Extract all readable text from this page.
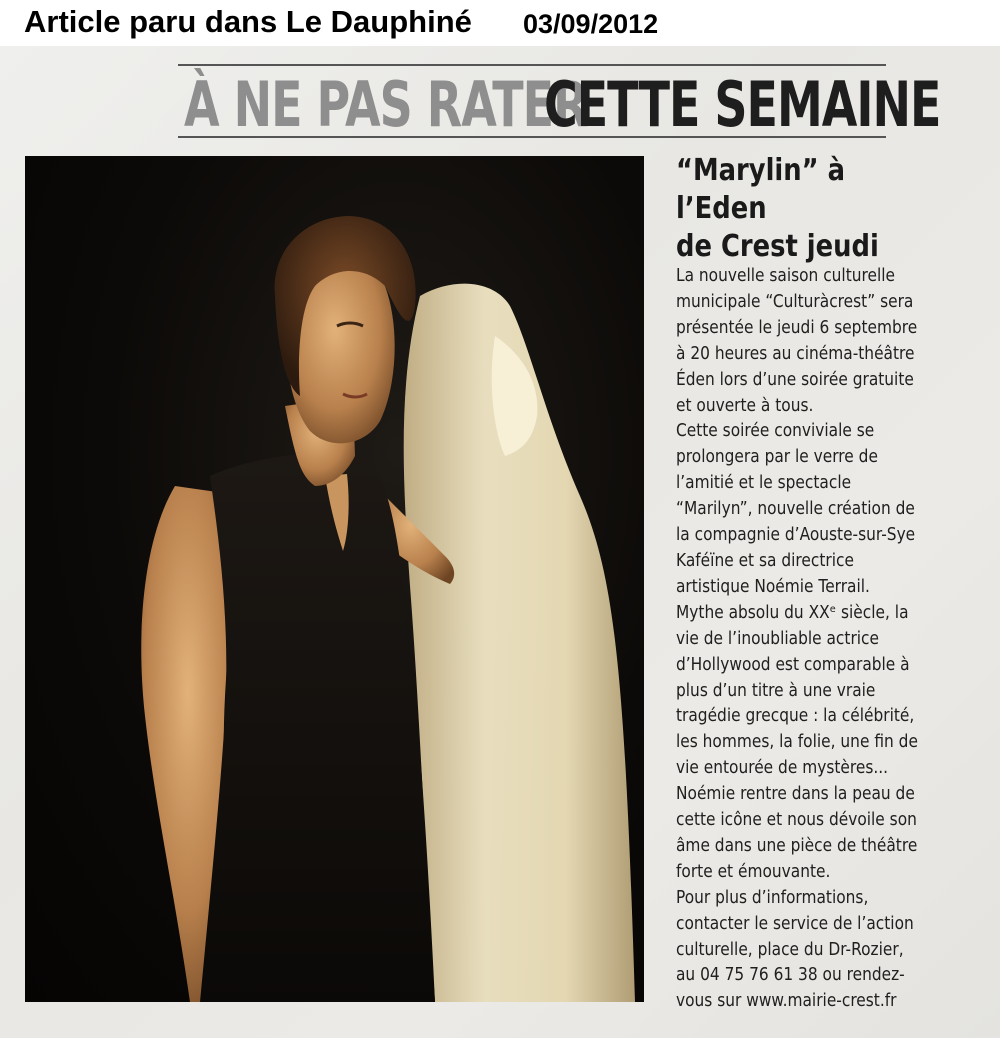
Article paru dans Le Dauphiné 03/09/2012
À NE PAS RATER
CETTE SEMAINE
“Marylin” à l’Eden
de Crest jeudi
La nouvelle saison culturelle
municipale “Culturàcrest” sera
présentée le jeudi 6 septembre
à 20 heures au cinéma-théâtre
Éden lors d’une soirée gratuite
et ouverte à tous.
Cette soirée conviviale se
prolongera par le verre de
l’amitié et le spectacle
“Marilyn”, nouvelle création de
la compagnie d’Aouste-sur-Sye
Kaféïne et sa directrice
artistique Noémie Terrail.
Mythe absolu du XXᵉ siècle, la
vie de l’inoubliable actrice
d’Hollywood est comparable à
plus d’un titre à une vraie
tragédie grecque : la célébrité,
les hommes, la folie, une fin de
vie entourée de mystères...
Noémie rentre dans la peau de
cette icône et nous dévoile son
âme dans une pièce de théâtre
forte et émouvante.
Pour plus d’informations,
contacter le service de l’action
culturelle, place du Dr-Rozier,
au 04 75 76 61 38 ou rendez-
vous sur www.mairie-crest.fr
